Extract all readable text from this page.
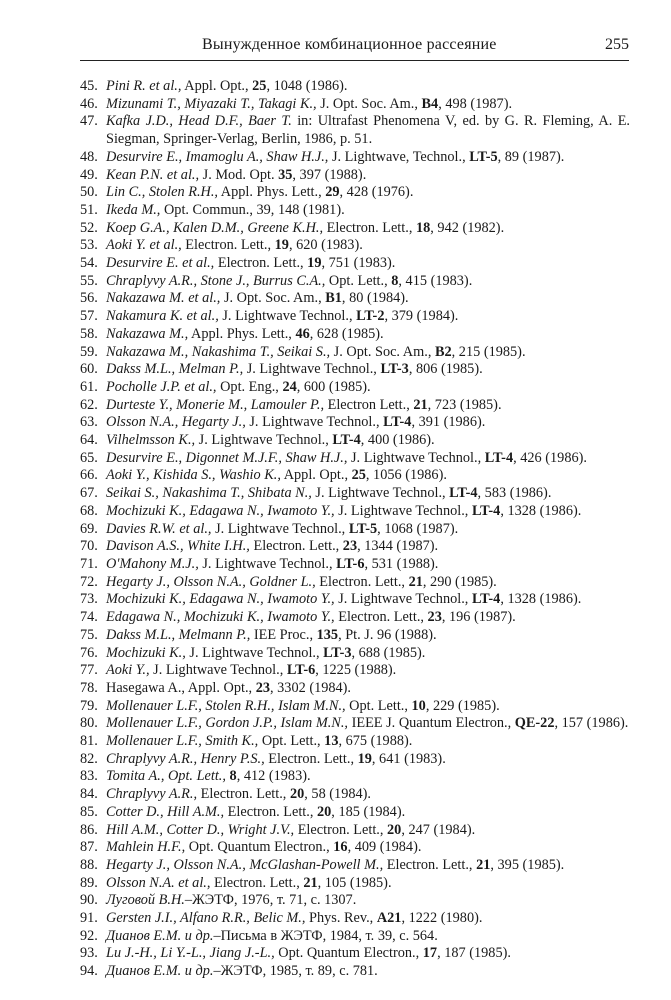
Вынужденное комбинационное рассеяние	255
45. Pini R. et al., Appl. Opt., 25, 1048 (1986).
46. Mizunami T., Miyazaki T., Takagi K., J. Opt. Soc. Am., B4, 498 (1987).
47. Kafka J.D., Head D.F., Baer T. in: Ultrafast Phenomena V, ed. by G. R. Fleming, A. E. Siegman, Springer-Verlag, Berlin, 1986, p. 51.
48. Desurvire E., Imamoglu A., Shaw H.J., J. Lightwave, Technol., LT-5, 89 (1987).
49. Kean P.N. et al., J. Mod. Opt. 35, 397 (1988).
50. Lin C., Stolen R.H., Appl. Phys. Lett., 29, 428 (1976).
51. Ikeda M., Opt. Commun., 39, 148 (1981).
52. Koep G.A., Kalen D.M., Greene K.H., Electron. Lett., 18, 942 (1982).
53. Aoki Y. et al., Electron. Lett., 19, 620 (1983).
54. Desurvire E. et al., Electron. Lett., 19, 751 (1983).
55. Chraplyvy A.R., Stone J., Burrus C.A., Opt. Lett., 8, 415 (1983).
56. Nakazawa M. et al., J. Opt. Soc. Am., B1, 80 (1984).
57. Nakamura K. et al., J. Lightwave Technol., LT-2, 379 (1984).
58. Nakazawa M., Appl. Phys. Lett., 46, 628 (1985).
59. Nakazawa M., Nakashima T., Seikai S., J. Opt. Soc. Am., B2, 215 (1985).
60. Dakss M.L., Melman P., J. Lightwave Technol., LT-3, 806 (1985).
61. Pocholle J.P. et al., Opt. Eng., 24, 600 (1985).
62. Durteste Y., Monerie M., Lamouler P., Electron Lett., 21, 723 (1985).
63. Olsson N.A., Hegarty J., J. Lightwave Technol., LT-4, 391 (1986).
64. Vilhelmsson K., J. Lightwave Technol., LT-4, 400 (1986).
65. Desurvire E., Digonnet M.J.F., Shaw H.J., J. Lightwave Technol., LT-4, 426 (1986).
66. Aoki Y., Kishida S., Washio K., Appl. Opt., 25, 1056 (1986).
67. Seikai S., Nakashima T., Shibata N., J. Lightwave Technol., LT-4, 583 (1986).
68. Mochizuki K., Edagawa N., Iwamoto Y., J. Lightwave Technol., LT-4, 1328 (1986).
69. Davies R.W. et al., J. Lightwave Technol., LT-5, 1068 (1987).
70. Davison A.S., White I.H., Electron. Lett., 23, 1344 (1987).
71. O'Mahony M.J., J. Lightwave Technol., LT-6, 531 (1988).
72. Hegarty J., Olsson N.A., Goldner L., Electron. Lett., 21, 290 (1985).
73. Mochizuki K., Edagawa N., Iwamoto Y., J. Lightwave Technol., LT-4, 1328 (1986).
74. Edagawa N., Mochizuki K., Iwamoto Y., Electron. Lett., 23, 196 (1987).
75. Dakss M.L., Melmann P., IEE Proc., 135, Pt. J. 96 (1988).
76. Mochizuki K., J. Lightwave Technol., LT-3, 688 (1985).
77. Aoki Y., J. Lightwave Technol., LT-6, 1225 (1988).
78. Hasegawa A., Appl. Opt., 23, 3302 (1984).
79. Mollenauer L.F., Stolen R.H., Islam M.N., Opt. Lett., 10, 229 (1985).
80. Mollenauer L.F., Gordon J.P., Islam M.N., IEEE J. Quantum Electron., QE-22, 157 (1986).
81. Mollenauer L.F., Smith K., Opt. Lett., 13, 675 (1988).
82. Chraplyvy A.R., Henry P.S., Electron. Lett., 19, 641 (1983).
83. Tomita A., Opt. Lett., 8, 412 (1983).
84. Chraplyvy A.R., Electron. Lett., 20, 58 (1984).
85. Cotter D., Hill A.M., Electron. Lett., 20, 185 (1984).
86. Hill A.M., Cotter D., Wright J.V., Electron. Lett., 20, 247 (1984).
87. Mahlein H.F., Opt. Quantum Electron., 16, 409 (1984).
88. Hegarty J., Olsson N.A., McGlashan-Powell M., Electron. Lett., 21, 395 (1985).
89. Olsson N.A. et al., Electron. Lett., 21, 105 (1985).
90. Луговой В.Н.–ЖЭТФ, 1976, т. 71, с. 1307.
91. Gersten J.I., Alfano R.R., Belic M., Phys. Rev., A21, 1222 (1980).
92. Дианов Е.М. и др.–Письма в ЖЭТФ, 1984, т. 39, с. 564.
93. Lu J.-H., Li Y.-L., Jiang J.-L., Opt. Quantum Electron., 17, 187 (1985).
94. Дианов Е.М. и др.–ЖЭТФ, 1985, т. 89, с. 781.
